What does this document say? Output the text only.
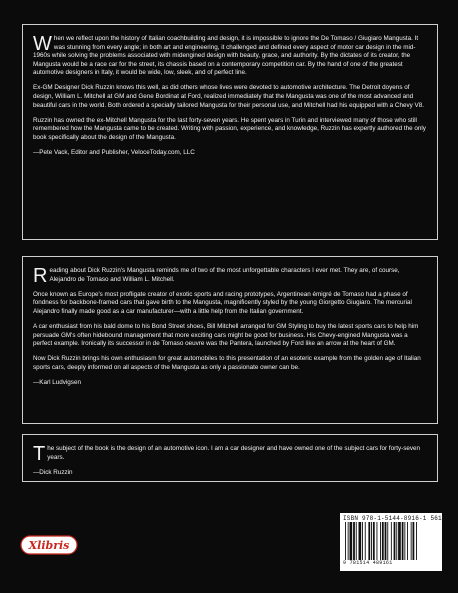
When we reflect upon the history of Italian coachbuilding and design, it is impossible to ignore the De Tomaso / Giugiaro Mangusta. It was stunning from every angle; in both art and engineering, it challenged and defined every aspect of motor car design in the mid-1960s while solving the problems associated with midengined design with beauty, grace, and authority. By the dictates of its creator, the Mangusta would be a race car for the street, its chassis based on a contemporary competition car. By the hand of one of the greatest automotive designers in Italy, it would be wide, low, sleek, and of perfect line.

Ex-GM Designer Dick Ruzzin knows this well, as did others whose lives were devoted to automotive architecture. The Detroit doyens of design, William L. Mitchell at GM and Gene Bordinat at Ford, realized immediately that the Mangusta was one of the most advanced and beautiful cars in the world. Both ordered a specially tailored Mangusta for their personal use, and Mitchell had his equipped with a Chevy V8.

Ruzzin has owned the ex-Mitchell Mangusta for the last forty-seven years. He spent years in Turin and interviewed many of those who still remembered how the Mangusta came to be created. Writing with passion, experience, and knowledge, Ruzzin has expertly authored the only book specifically about the design of the Mangusta.

—Pete Vack, Editor and Publisher, VeloceToday.com, LLC

Reading about Dick Ruzzin's Mangusta reminds me of two of the most unforgettable characters I ever met. They are, of course, Alejandro de Tomaso and William L. Mitchell.

Once known as Europe's most profligate creator of exotic sports and racing prototypes, Argentinean émigré de Tomaso had a phase of fondness for backbone-framed cars that gave birth to the Mangusta, magnificently styled by the young Giorgetto Giugiaro. The mercurial Alejandro finally made good as a car manufacturer—with a little help from the Italian government.

A car enthusiast from his bald dome to his Bond Street shoes, Bill Mitchell arranged for GM Styling to buy the latest sports cars to help him persuade GM's often hidebound management that more exciting cars might be good for business. His Chevy-engined Mangusta was a perfect example. Ironically its successor in de Tomaso oeuvre was the Pantera, launched by Ford like an arrow at the heart of GM.

Now Dick Ruzzin brings his own enthusiasm for great automobiles to this presentation of an esoteric example from the golden age of Italian sports cars, deeply informed on all aspects of the Mangusta as only a passionate owner can be.

—Karl Ludvigsen

The subject of the book is the design of an automotive icon. I am a car designer and have owned one of the subject cars for forty-seven years.

—Dick Ruzzin

Xlibris
ISBN 978-1-5144-8916-1 56199
9 781514 489161
